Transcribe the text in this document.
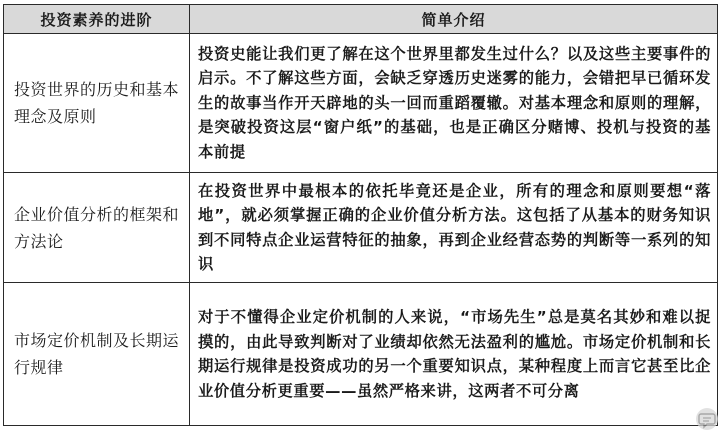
投资素养的进阶	简单介绍
投资世界的历史和基本理念及原则	投资史能让我们更了解在这个世界里都发生过什么？以及这些主要事件的启示。不了解这些方面，会缺乏穿透历史迷雾的能力，会错把早已循环发生的故事当作开天辟地的头一回而重蹈覆辙。对基本理念和原则的理解，是突破投资这层“窗户纸”的基础，也是正确区分赌博、投机与投资的基本前提
企业价值分析的框架和方法论	在投资世界中最根本的依托毕竟还是企业，所有的理念和原则要想“落地”，就必须掌握正确的企业价值分析方法。这包括了从基本的财务知识到不同特点企业运营特征的抽象，再到企业经营态势的判断等一系列的知识
市场定价机制及长期运行规律	对于不懂得企业定价机制的人来说，“市场先生”总是莫名其妙和难以捉摸的，由此导致判断对了业绩却依然无法盈利的尴尬。市场定价机制和长期运行规律是投资成功的另一个重要知识点，某种程度上而言它甚至比企业价值分析更重要——虽然严格来讲，这两者不可分离
